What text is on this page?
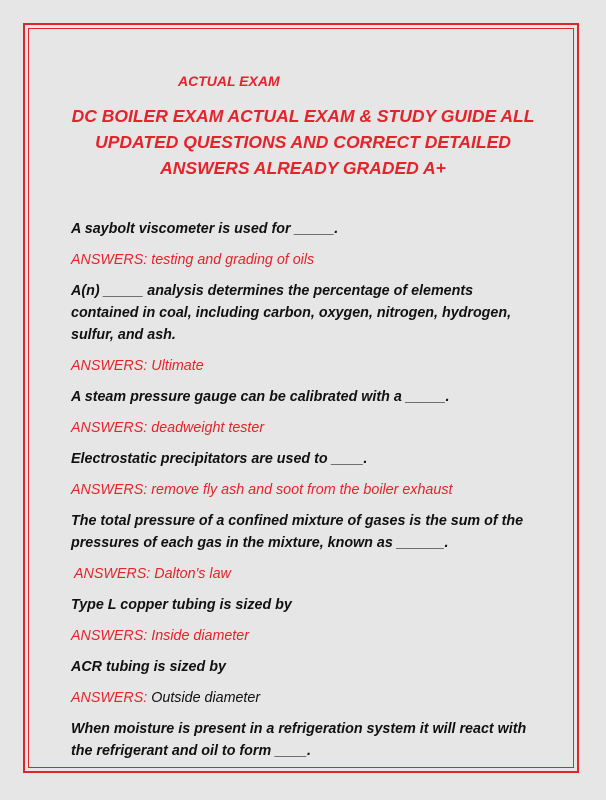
ACTUAL EXAM
DC BOILER EXAM ACTUAL EXAM & STUDY GUIDE ALL UPDATED QUESTIONS AND CORRECT DETAILED ANSWERS ALREADY GRADED A+
A saybolt viscometer is used for _____.
ANSWERS: testing and grading of oils
A(n) _____ analysis determines the percentage of elements contained in coal, including carbon, oxygen, nitrogen, hydrogen, sulfur, and ash.
ANSWERS: Ultimate
A steam pressure gauge can be calibrated with a _____.
ANSWERS: deadweight tester
Electrostatic precipitators are used to ____.
ANSWERS: remove fly ash and soot from the boiler exhaust
The total pressure of a confined mixture of gases is the sum of the pressures of each gas in the mixture, known as ______.
ANSWERS: Dalton's law
Type L copper tubing is sized by
ANSWERS: Inside diameter
ACR tubing is sized by
ANSWERS: Outside diameter
When moisture is present in a refrigeration system it will react with the refrigerant and oil to form ____.
